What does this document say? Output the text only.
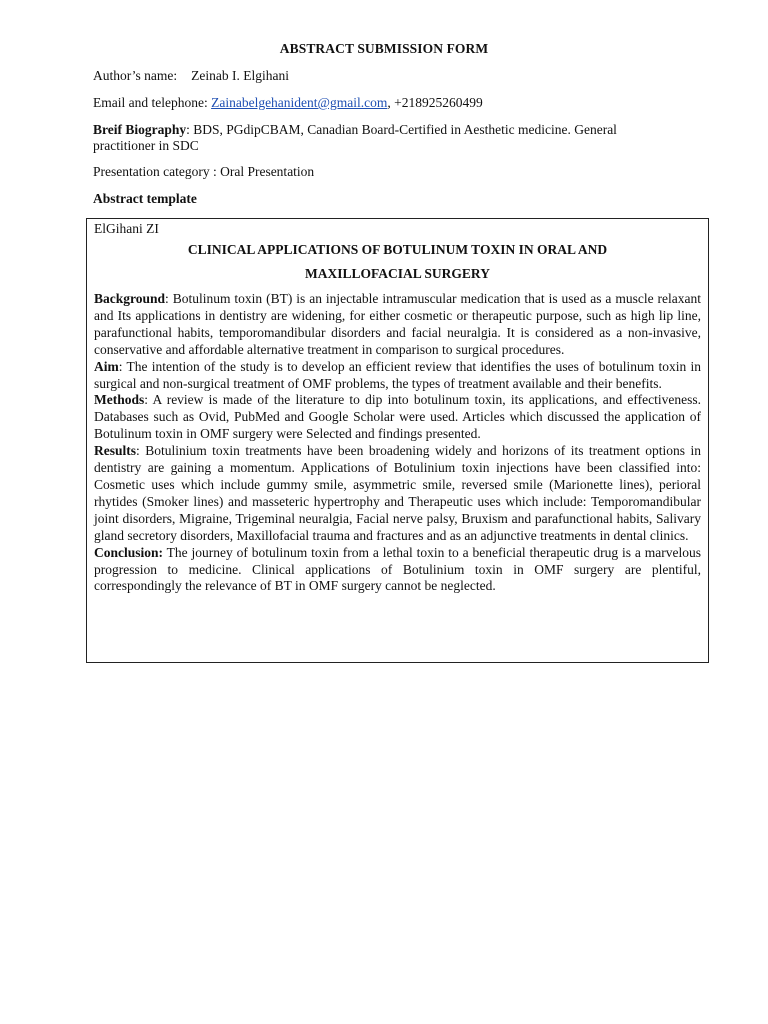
ABSTRACT SUBMISSION FORM
Author’s name: Zeinab I. Elgihani
Email and telephone: Zainabelgehanident@gmail.com, +218925260499
Breif Biography: BDS, PGdipCBAM, Canadian Board-Certified in Aesthetic medicine. General practitioner in SDC
Presentation category : Oral Presentation
Abstract template
ElGihani ZI
CLINICAL APPLICATIONS OF BOTULINUM TOXIN IN ORAL AND MAXILLOFACIAL SURGERY

Background: Botulinum toxin (BT) is an injectable intramuscular medication that is used as a muscle relaxant and Its applications in dentistry are widening, for either cosmetic or therapeutic purpose, such as high lip line, parafunctional habits, temporomandibular disorders and facial neuralgia. It is considered as a non-invasive, conservative and affordable alternative treatment in comparison to surgical procedures.

Aim: The intention of the study is to develop an efficient review that identifies the uses of botulinum toxin in surgical and non-surgical treatment of OMF problems, the types of treatment available and their benefits.

Methods: A review is made of the literature to dip into botulinum toxin, its applications, and effectiveness. Databases such as Ovid, PubMed and Google Scholar were used. Articles which discussed the application of Botulinum toxin in OMF surgery were Selected and findings presented.

Results: Botulinium toxin treatments have been broadening widely and horizons of its treatment options in dentistry are gaining a momentum. Applications of Botulinium toxin injections have been classified into: Cosmetic uses which include gummy smile, asymmetric smile, reversed smile (Marionette lines), perioral rhytides (Smoker lines) and masseteric hypertrophy and Therapeutic uses which include: Temporomandibular joint disorders, Migraine, Trigeminal neuralgia, Facial nerve palsy, Bruxism and parafunctional habits, Salivary gland secretory disorders, Maxillofacial trauma and fractures and as an adjunctive treatments in dental clinics.

Conclusion: The journey of botulinum toxin from a lethal toxin to a beneficial therapeutic drug is a marvelous progression to medicine. Clinical applications of Botulinium toxin in OMF surgery are plentiful, correspondingly the relevance of BT in OMF surgery cannot be neglected.
